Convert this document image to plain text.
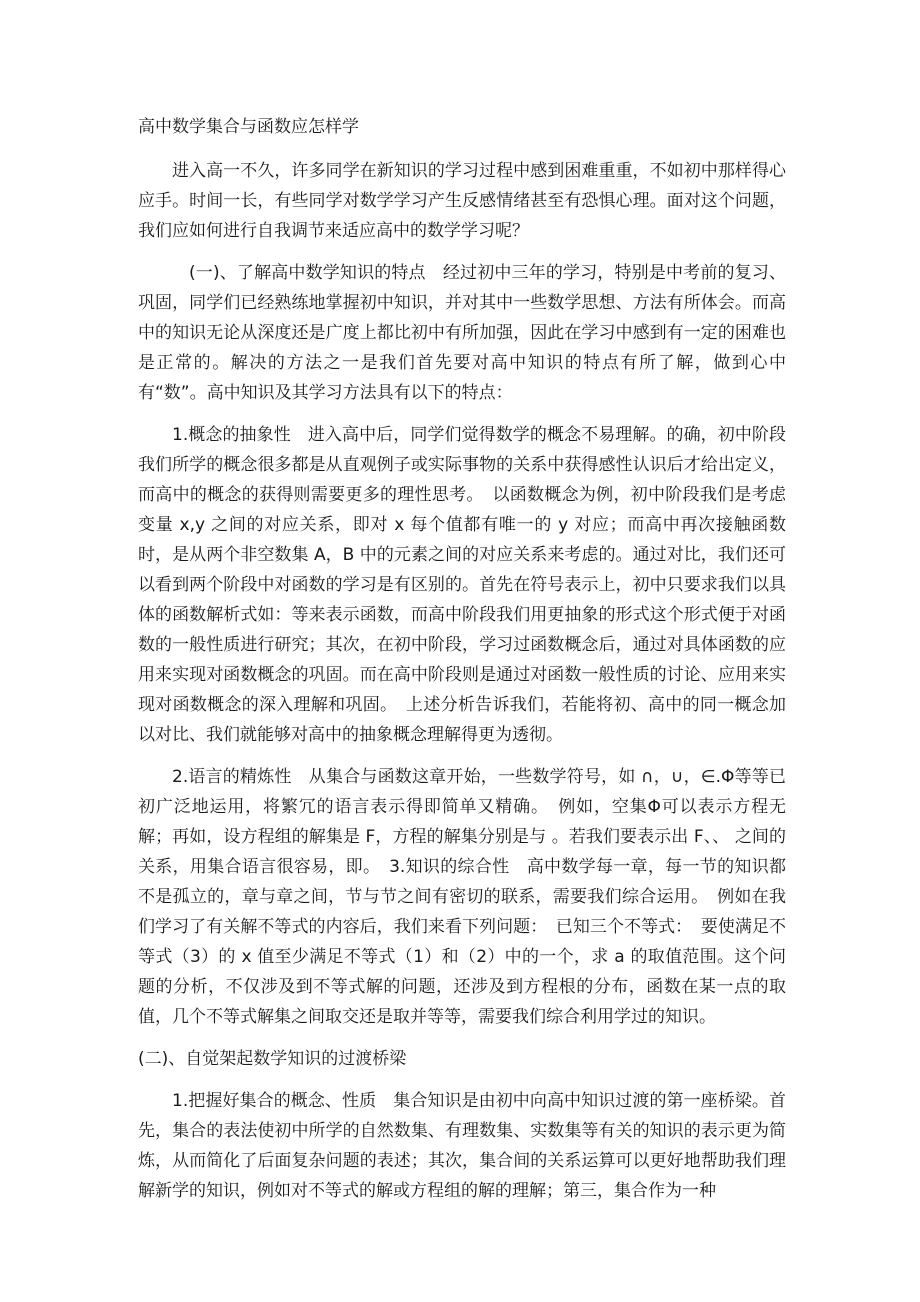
高中数学集合与函数应怎样学

进入高一不久，许多同学在新知识的学习过程中感到困难重重，不如初中那样得心应手。时间一长，有些同学对数学学习产生反感情绪甚至有恐惧心理。面对这个问题，我们应如何进行自我调节来适应高中的数学学习呢？

(一)、了解高中数学知识的特点　经过初中三年的学习，特别是中考前的复习、巩固，同学们已经熟练地掌握初中知识，并对其中一些数学思想、方法有所体会。而高中的知识无论从深度还是广度上都比初中有所加强，因此在学习中感到有一定的困难也是正常的。解决的方法之一是我们首先要对高中知识的特点有所了解，做到心中有“数”。高中知识及其学习方法具有以下的特点：

1.概念的抽象性　进入高中后，同学们觉得数学的概念不易理解。的确，初中阶段我们所学的概念很多都是从直观例子或实际事物的关系中获得感性认识后才给出定义，而高中的概念的获得则需要更多的理性思考。　以函数概念为例，初中阶段我们是考虑变量 x,y 之间的对应关系，即对 x 每个值都有唯一的 y 对应；而高中再次接触函数时，是从两个非空数集 A，B 中的元素之间的对应关系来考虑的。通过对比，我们还可以看到两个阶段中对函数的学习是有区别的。首先在符号表示上，初中只要求我们以具体的函数解析式如：等来表示函数，而高中阶段我们用更抽象的形式这个形式便于对函数的一般性质进行研究；其次，在初中阶段，学习过函数概念后，通过对具体函数的应用来实现对函数概念的巩固。而在高中阶段则是通过对函数一般性质的讨论、应用来实现对函数概念的深入理解和巩固。　上述分析告诉我们，若能将初、高中的同一概念加以对比、我们就能够对高中的抽象概念理解得更为透彻。

2.语言的精炼性　从集合与函数这章开始，一些数学符号，如 ∩，∪，∈.Φ等等已初广泛地运用，将繁冗的语言表示得即简单又精确。　例如，空集Φ可以表示方程无解；再如，设方程组的解集是 F，方程的解集分别是与 。若我们要表示出 F、、 之间的关系，用集合语言很容易，即。　3.知识的综合性　高中数学每一章，每一节的知识都不是孤立的，章与章之间，节与节之间有密切的联系，需要我们综合运用。　例如在我们学习了有关解不等式的内容后，我们来看下列问题：　已知三个不等式：　要使满足不等式（3）的 x 值至少满足不等式（1）和（2）中的一个，求 a 的取值范围。这个问题的分析，不仅涉及到不等式解的问题，还涉及到方程根的分布，函数在某一点的取值，几个不等式解集之间取交还是取并等等，需要我们综合利用学过的知识。

(二)、自觉架起数学知识的过渡桥梁

1.把握好集合的概念、性质　集合知识是由初中向高中知识过渡的第一座桥梁。首先，集合的表法使初中所学的自然数集、有理数集、实数集等有关的知识的表示更为简炼，从而简化了后面复杂问题的表述；其次，集合间的关系运算可以更好地帮助我们理解新学的知识，例如对不等式的解或方程组的解的理解；第三，集合作为一种
